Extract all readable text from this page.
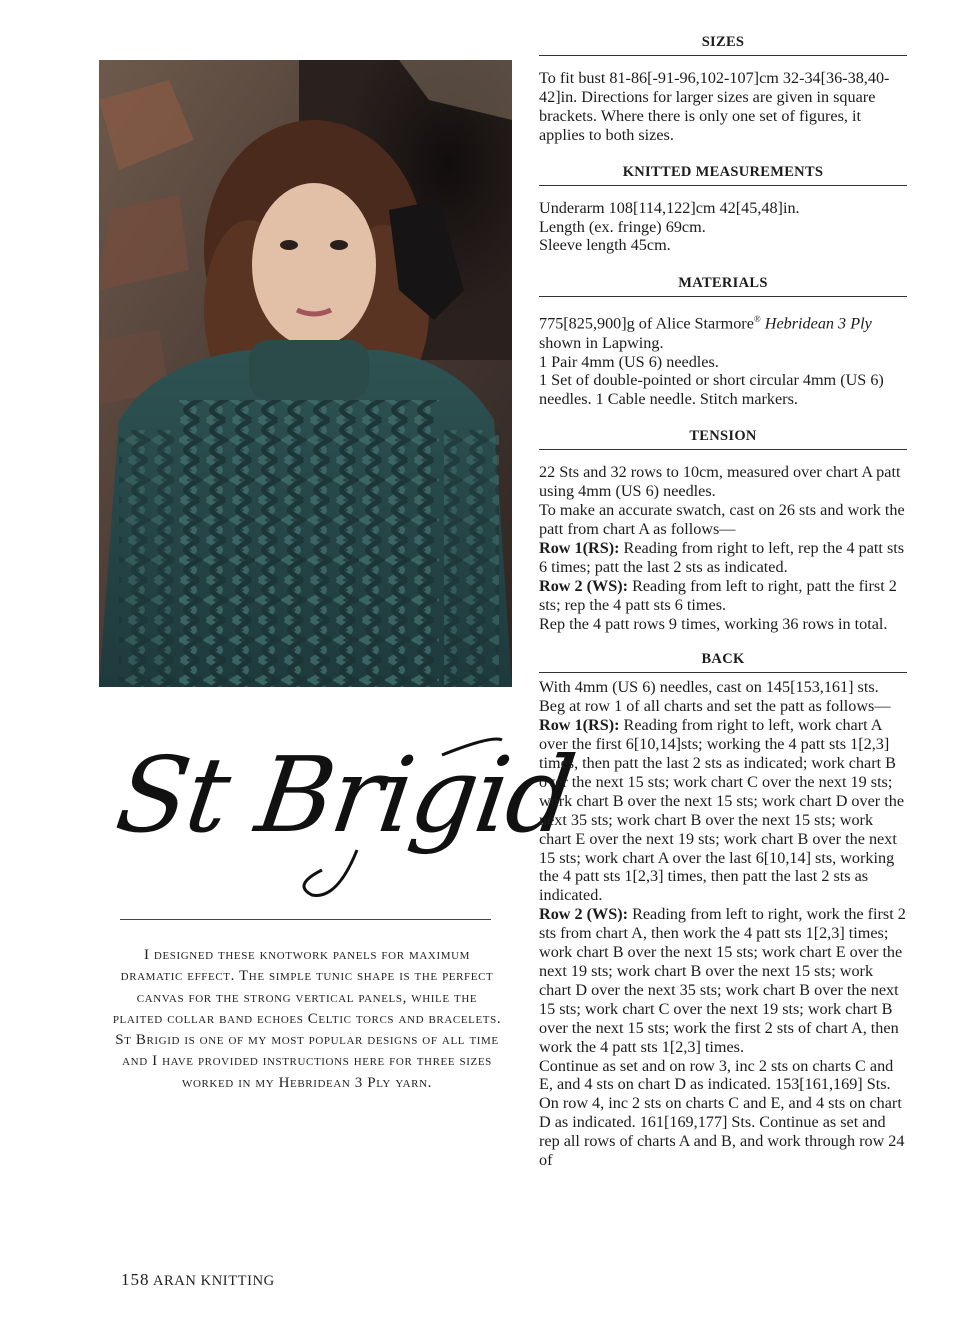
St Brigid
I designed these knotwork panels for maximum dramatic effect. The simple tunic shape is the perfect canvas for the strong vertical panels, while the plaited collar band echoes Celtic torcs and bracelets. St Brigid is one of my most popular designs of all time and I have provided instructions here for three sizes worked in my Hebridean 3 Ply yarn.
SIZES

To fit bust 81-86[-91-96,102-107]cm 32-34[36-38,40-42]in. Directions for larger sizes are given in square brackets. Where there is only one set of figures, it applies to both sizes.

KNITTED MEASUREMENTS
Underarm 108[114,122]cm 42[45,48]in.
Length (ex. fringe) 69cm.
Sleeve length 45cm.
MATERIALS
775[825,900]g of Alice Starmore® Hebridean 3 Ply shown in Lapwing.
1 Pair 4mm (US 6) needles.
1 Set of double-pointed or short circular 4mm (US 6) needles. 1 Cable needle. Stitch markers.
TENSION
22 Sts and 32 rows to 10cm, measured over chart A patt using 4mm (US 6) needles.
To make an accurate swatch, cast on 26 sts and work the patt from chart A as follows—
Row 1(RS): Reading from right to left, rep the 4 patt sts 6 times; patt the last 2 sts as indicated.
Row 2 (WS): Reading from left to right, patt the first 2 sts; rep the 4 patt sts 6 times.
Rep the 4 patt rows 9 times, working 36 rows in total.
BACK
With 4mm (US 6) needles, cast on 145[153,161] sts. Beg at row 1 of all charts and set the patt as follows—
Row 1(RS): Reading from right to left, work chart A over the first 6[10,14]sts; working the 4 patt sts 1[2,3] times, then patt the last 2 sts as indicated; work chart B over the next 15 sts; work chart C over the next 19 sts; work chart B over the next 15 sts; work chart D over the next 35 sts; work chart B over the next 15 sts; work chart E over the next 19 sts; work chart B over the next 15 sts; work chart A over the last 6[10,14] sts, working the 4 patt sts 1[2,3] times, then patt the last 2 sts as indicated.
Row 2 (WS): Reading from left to right, work the first 2 sts from chart A, then work the 4 patt sts 1[2,3] times; work chart B over the next 15 sts; work chart E over the next 19 sts; work chart B over the next 15 sts; work chart D over the next 35 sts; work chart B over the next 15 sts; work chart C over the next 19 sts; work chart B over the next 15 sts; work the first 2 sts of chart A, then work the 4 patt sts 1[2,3] times.
Continue as set and on row 3, inc 2 sts on charts C and E, and 4 sts on chart D as indicated. 153[161,169] Sts. On row 4, inc 2 sts on charts C and E, and 4 sts on chart D as indicated. 161[169,177] Sts. Continue as set and rep all rows of charts A and B, and work through row 24 of
158 ARAN KNITTING
